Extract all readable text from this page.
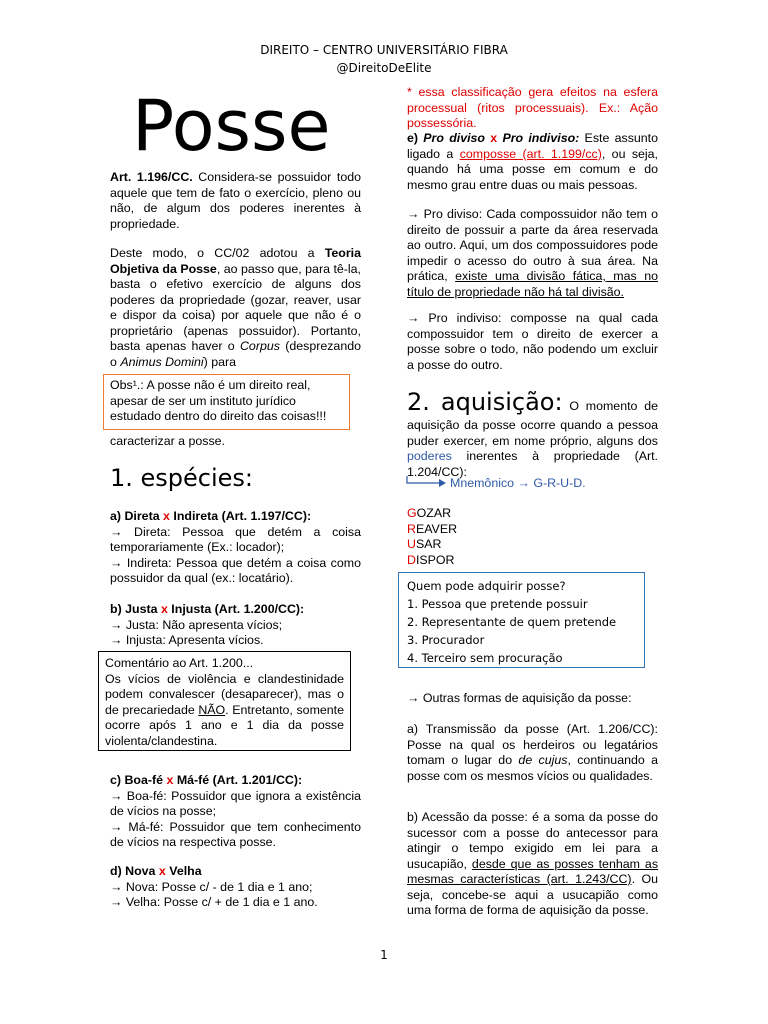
DIREITO – CENTRO UNIVERSITÁRIO FIBRA
@DireitoDeElite
Posse
Art. 1.196/CC. Considera-se possuidor todo aquele que tem de fato o exercício, pleno ou não, de algum dos poderes inerentes à propriedade.
Deste modo, o CC/02 adotou a Teoria Objetiva da Posse, ao passo que, para tê-la, basta o efetivo exercício de alguns dos poderes da propriedade (gozar, reaver, usar e dispor da coisa) por aquele que não é o proprietário (apenas possuidor). Portanto, basta apenas haver o Corpus (desprezando o Animus Domini) para
Obs¹.: A posse não é um direito real, apesar de ser um instituto jurídico estudado dentro do direito das coisas!!!
caracterizar a posse.
1. espécies:

a) Direta x Indireta (Art. 1.197/CC):

→ Direta: Pessoa que detém a coisa temporariamente (Ex.: locador);

→ Indireta: Pessoa que detém a coisa como possuidor da qual (ex.: locatário).

b) Justa x Injusta (Art. 1.200/CC):

→ Justa: Não apresenta vícios;

→ Injusta: Apresenta vícios.

Comentário ao Art. 1.200...

Os vícios de violência e clandestinidade podem convalescer (desaparecer), mas o de precariedade NÃO. Entretanto, somente ocorre após 1 ano e 1 dia da posse violenta/clandestina.

c) Boa-fé x Má-fé (Art. 1.201/CC):

→ Boa-fé: Possuidor que ignora a existência de vícios na posse;

→ Má-fé: Possuidor que tem conhecimento de vícios na respectiva posse.

d) Nova x Velha

→ Nova: Posse c/ - de 1 dia e 1 ano;

→ Velha: Posse c/ + de 1 dia e 1 ano.

* essa classificação gera efeitos na esfera processual (ritos processuais). Ex.: Ação possessória.
e) Pro diviso x Pro indiviso: Este assunto ligado a composse (art. 1.199/cc), ou seja, quando há uma posse em comum e do mesmo grau entre duas ou mais pessoas.
→ Pro diviso: Cada compossuidor não tem o direito de possuir a parte da área reservada ao outro. Aqui, um dos compossuidores pode impedir o acesso do outro à sua área. Na prática, existe uma divisão fática, mas no título de propriedade não há tal divisão.
→ Pro indiviso: composse na qual cada compossuidor tem o direito de exercer a posse sobre o todo, não podendo um excluir a posse do outro.
2. aquisição: O momento de aquisição da posse ocorre quando a pessoa puder exercer, em nome próprio, alguns dos poderes inerentes à propriedade (Art. 1.204/CC):
Mnemônico → G-R-U-D.

GOZAR

REAVER

USAR

DISPOR

Quem pode adquirir posse?

1. Pessoa que pretende possuir

2. Representante de quem pretende

3. Procurador

4. Terceiro sem procuração

→ Outras formas de aquisição da posse:
a) Transmissão da posse (Art. 1.206/CC): Posse na qual os herdeiros ou legatários tomam o lugar do de cujus, continuando a posse com os mesmos vícios ou qualidades.
b) Acessão da posse: é a soma da posse do sucessor com a posse do antecessor para atingir o tempo exigido em lei para a usucapião, desde que as posses tenham as mesmas características (art. 1.243/CC). Ou seja, concebe-se aqui a usucapião como uma forma de forma de aquisição da posse.
1
